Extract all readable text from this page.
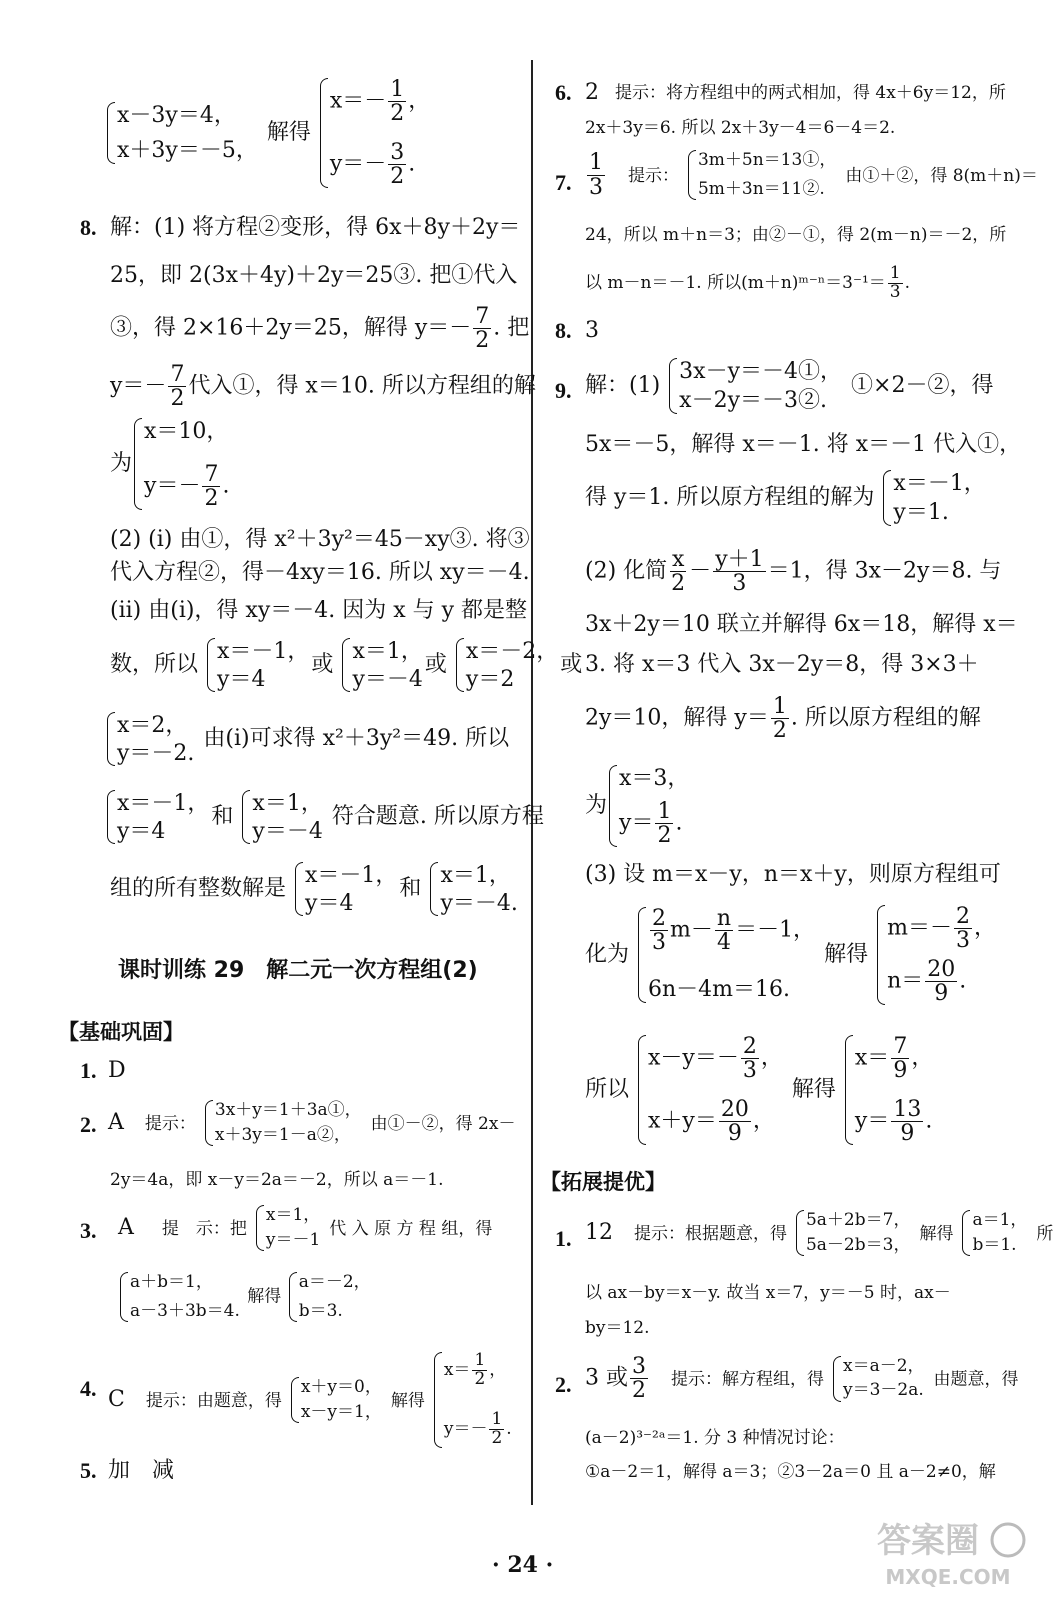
x－3y＝4，
x＋3y＝－5，
解得
$x=- \frac{1}{2}$ ，
$y=- \frac{3}{2}$ .
8. 解：(1) 将方程②变形，得 6x＋8y＋2y＝
25，即 2(3x＋4y)＋2y＝25③. 把①代入
③，得 2×16＋2y＝25，解得 $y=- \frac{7}{2}$ . 把
$y=- \frac{7}{2}$ 代入①，得 x＝10. 所以方程组的解
为
x＝10，
$y=- \frac{7}{2}$ .
(2) (i) 由①，得 x²＋3y²＝45－xy③. 将③
代入方程②，得－4xy＝16. 所以 xy＝－4.
(ii) 由(i)，得 xy＝－4. 因为 x 与 y 都是整
数，所以
x＝－1，
y＝4
或
x＝1，
y＝－4
或
x＝－2，
y＝2
或
x＝2，
y＝－2.
由(i)可求得 x²＋3y²＝49. 所以
x＝－1，
y＝4
和
x＝1，
y＝－4
符合题意. 所以原方程
组的所有整数解是
x＝－1，
y＝4
和
x＝1，
y＝－4.
课时训练 29　解二元一次方程组(2)
【基础巩固】
1. D
2. A 提示：
3x＋y＝1＋3a①，
x＋3y＝1－a②，
由①－②，得 2x－
2y＝4a，即 x－y＝2a＝－2，所以 a＝－1.
3. A 提　示：把
x＝1，
y＝－1
代 入 原 方 程 组，得
a＋b＝1，
a－3＋3b＝4.
解得
a＝－2，
b＝3.
4. C 提示：由题意，得
x＋y＝0，
x－y＝1，
解得
$x= \frac{1}{2}$ ，
$y=- \frac{1}{2}$ .
5. 加　减
6. 2 提示：将方程组中的两式相加，得 4x＋6y＝12，所
2x＋3y＝6. 所以 2x＋3y－4＝6－4＝2.
7. $\frac{1}{3}$ 提示：
3m＋5n＝13①，
5m＋3n＝11②.
由①＋②，得 8(m＋n)＝
24，所以 m＋n＝3；由②－①，得 2(m－n)＝－2，所
以 m－n＝－1. 所以(m＋n)ᵐ⁻ⁿ＝3⁻¹＝ $\frac{1}{3}$ .
8. 3
9. 解：(1)
3x－y＝－4①，
x－2y＝－3②.
①×2－②，得
5x＝－5，解得 x＝－1. 将 x＝－1 代入①，
得 y＝1. 所以原方程组的解为
x＝－1，
y＝1.
(2) 化简 $\frac{x}{2} - \frac{y+1}{3} =1$，得 3x－2y＝8. 与
3x＋2y＝10 联立并解得 6x＝18，解得 x＝
3. 将 x＝3 代入 3x－2y＝8，得 3×3＋
2y＝10，解得 $y= \frac{1}{2}$ . 所以原方程组的解
为
x＝3，
$y= \frac{1}{2}$ .
(3) 设 m＝x－y，n＝x＋y，则原方程组可
化为
$\frac{2}{3} m- \frac{n}{4} =-1$，
6n－4m＝16.
解得
$m=- \frac{2}{3}$ ，
$n= \frac{20}{9}$ .
所以
$x-y=- \frac{2}{3}$ ，
$x+y= \frac{20}{9}$ ，
解得
$x= \frac{7}{9}$ ，
$y= \frac{13}{9}$ .
【拓展提优】
1. 12 提示：根据题意，得
5a＋2b＝7，
5a－2b＝3，
解得
a＝1，
b＝1.
所
以 ax－by＝x－y. 故当 x＝7，y＝－5 时，ax－
by＝12.
2. 3 或 $\frac{3}{2}$ 提示：解方程组，得
x＝a－2，
y＝3－2a.
由题意，得
(a－2)³⁻²ᵃ＝1. 分 3 种情况讨论：
①a－2＝1，解得 a＝3；②3－2a＝0 且 a－2≠0，解
· 24 ·
答案圈
MXQE.COM
